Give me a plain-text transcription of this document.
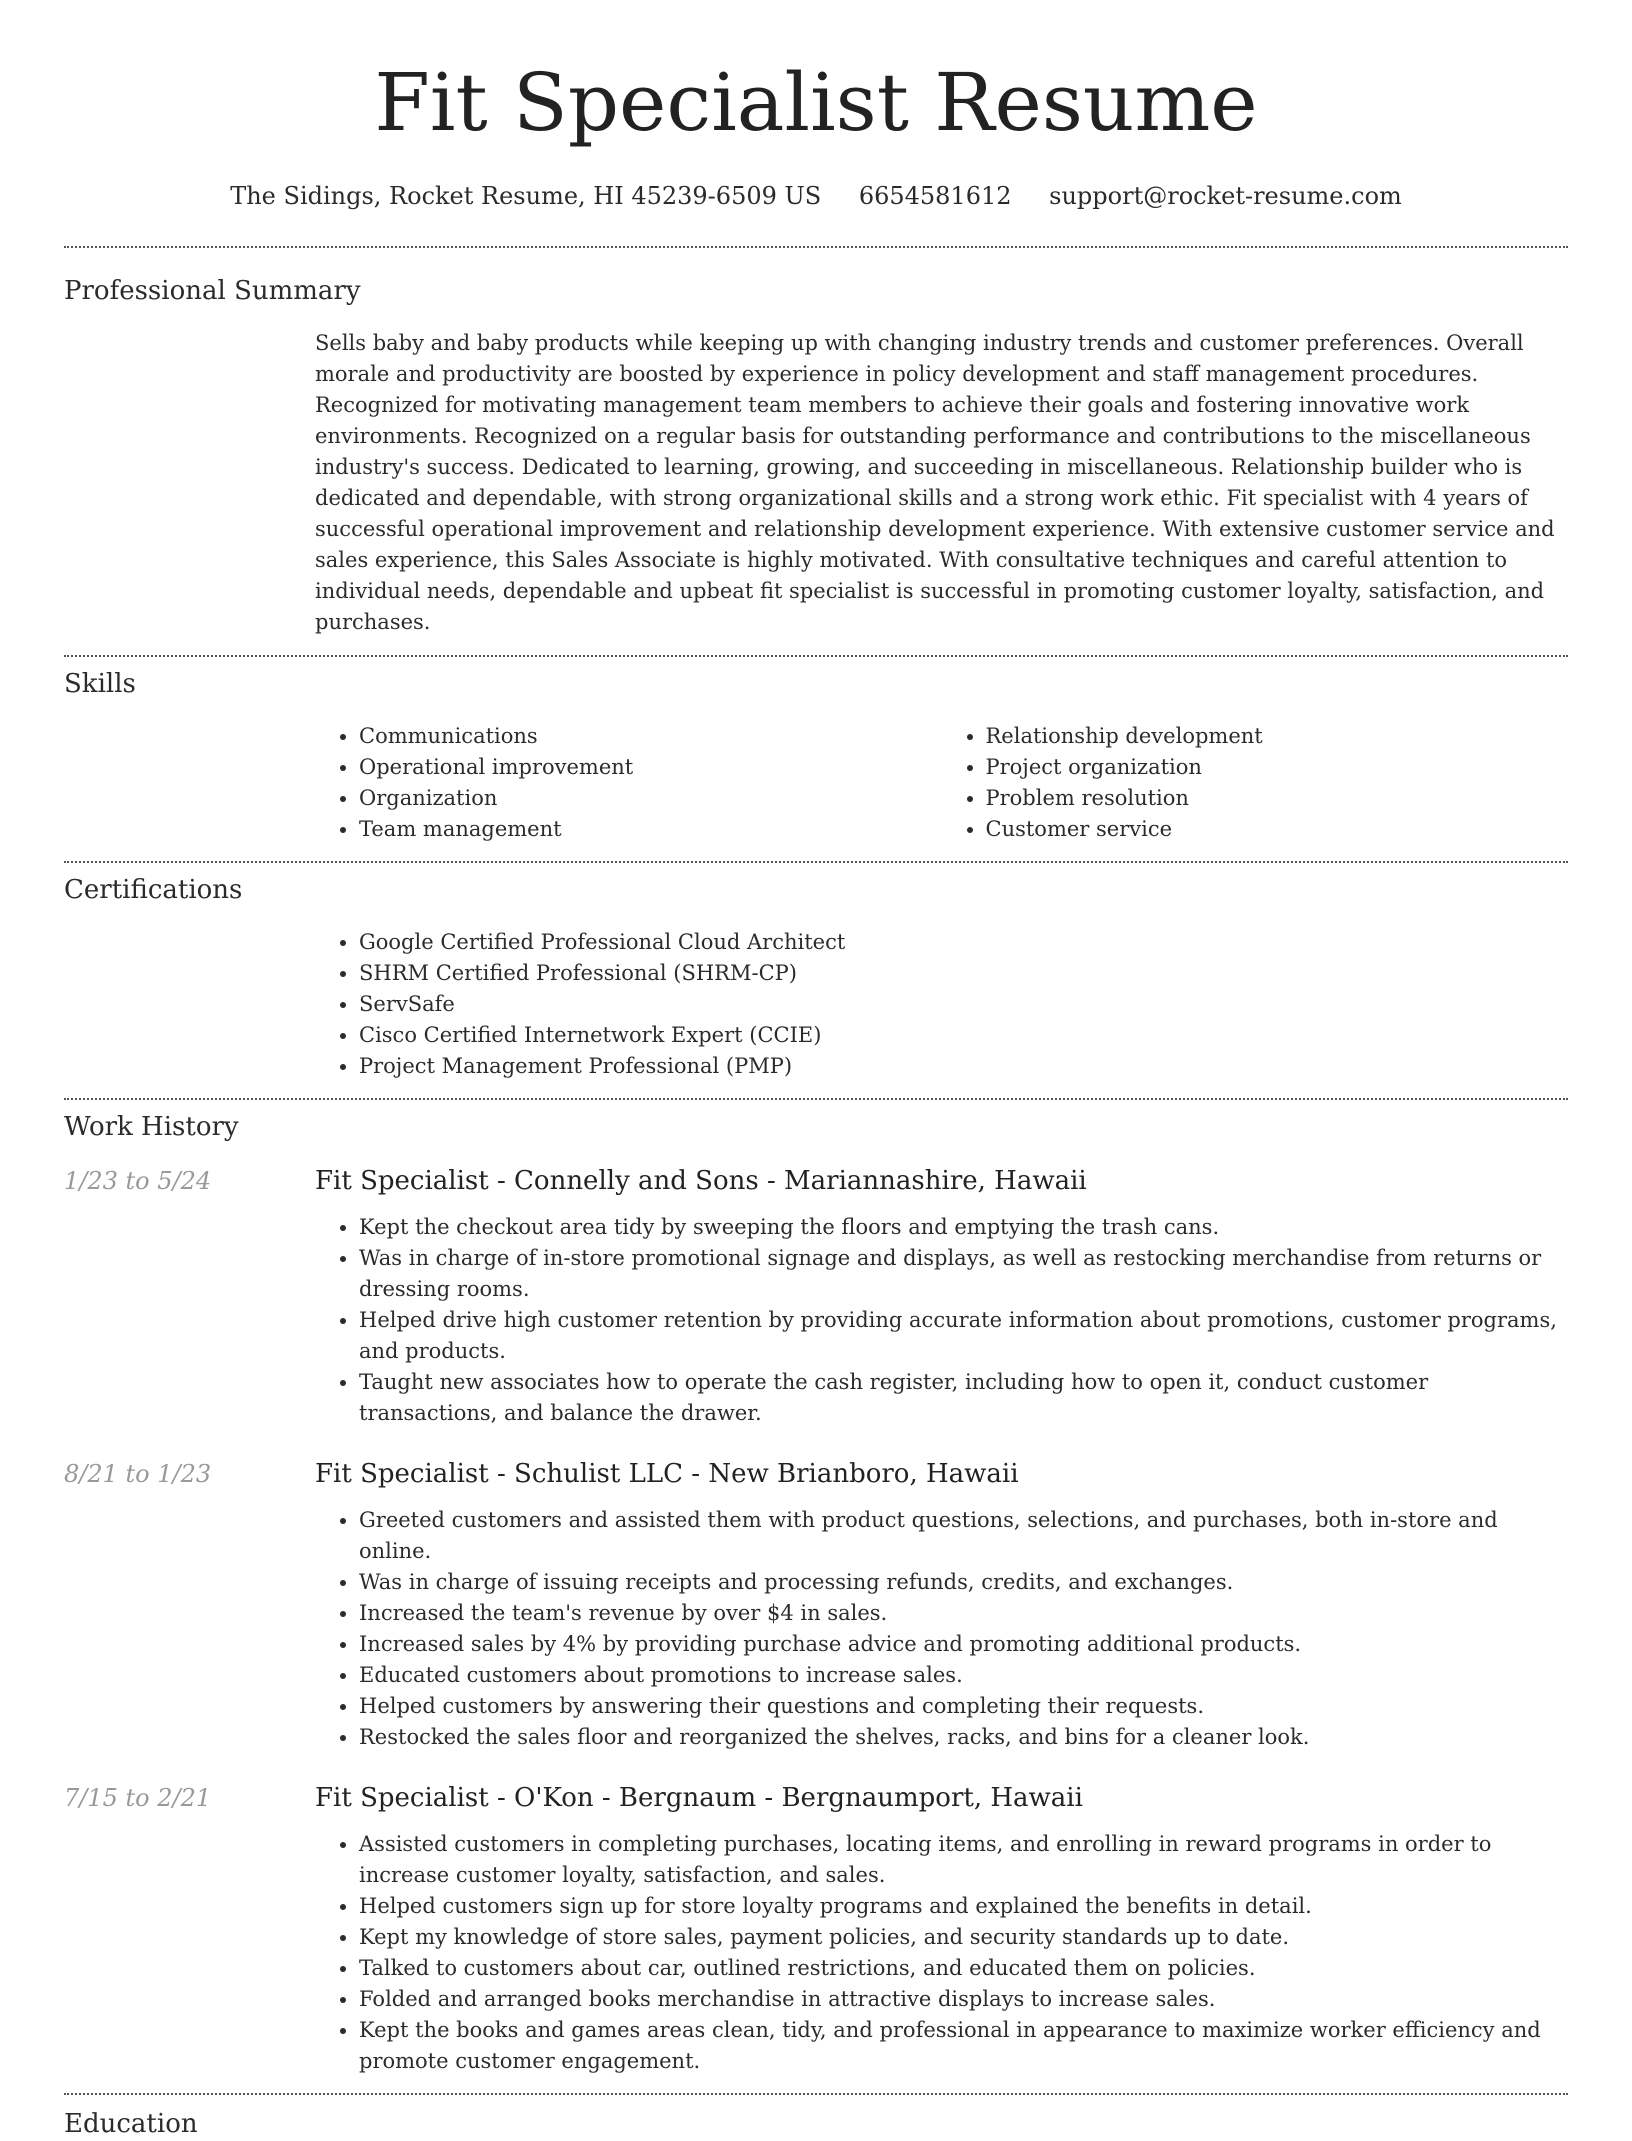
Fit Specialist Resume
The Sidings, Rocket Resume, HI 45239-6509 US 6654581612 support@rocket-resume.com
Professional Summary

Sells baby and baby products while keeping up with changing industry trends and customer preferences. Overall morale and productivity are boosted by experience in policy development and staff management procedures. Recognized for motivating management team members to achieve their goals and fostering innovative work environments. Recognized on a regular basis for outstanding performance and contributions to the miscellaneous industry's success. Dedicated to learning, growing, and succeeding in miscellaneous. Relationship builder who is dedicated and dependable, with strong organizational skills and a strong work ethic. Fit specialist with 4 years of successful operational improvement and relationship development experience. With extensive customer service and sales experience, this Sales Associate is highly motivated. With consultative techniques and careful attention to individual needs, dependable and upbeat fit specialist is successful in promoting customer loyalty, satisfaction, and purchases.

Skills
• Communications
• Operational improvement
• Organization
• Team management
• Relationship development
• Project organization
• Problem resolution
• Customer service
Certifications
• Google Certified Professional Cloud Architect
• SHRM Certified Professional (SHRM-CP)
• ServSafe
• Cisco Certified Internetwork Expert (CCIE)
• Project Management Professional (PMP)
Work History
1/23 to 5/24	Fit Specialist - Connelly and Sons - Mariannashire, Hawaii
• Kept the checkout area tidy by sweeping the floors and emptying the trash cans.
• Was in charge of in-store promotional signage and displays, as well as restocking merchandise from returns or dressing rooms.
• Helped drive high customer retention by providing accurate information about promotions, customer programs, and products.
• Taught new associates how to operate the cash register, including how to open it, conduct customer transactions, and balance the drawer.
8/21 to 1/23	Fit Specialist - Schulist LLC - New Brianboro, Hawaii
• Greeted customers and assisted them with product questions, selections, and purchases, both in-store and online.
• Was in charge of issuing receipts and processing refunds, credits, and exchanges.
• Increased the team's revenue by over $4 in sales.
• Increased sales by 4% by providing purchase advice and promoting additional products.
• Educated customers about promotions to increase sales.
• Helped customers by answering their questions and completing their requests.
• Restocked the sales floor and reorganized the shelves, racks, and bins for a cleaner look.
7/15 to 2/21	Fit Specialist - O'Kon - Bergnaum - Bergnaumport, Hawaii
• Assisted customers in completing purchases, locating items, and enrolling in reward programs in order to increase customer loyalty, satisfaction, and sales.
• Helped customers sign up for store loyalty programs and explained the benefits in detail.
• Kept my knowledge of store sales, payment policies, and security standards up to date.
• Talked to customers about car, outlined restrictions, and educated them on policies.
• Folded and arranged books merchandise in attractive displays to increase sales.
• Kept the books and games areas clean, tidy, and professional in appearance to maximize worker efficiency and promote customer engagement.
Education
